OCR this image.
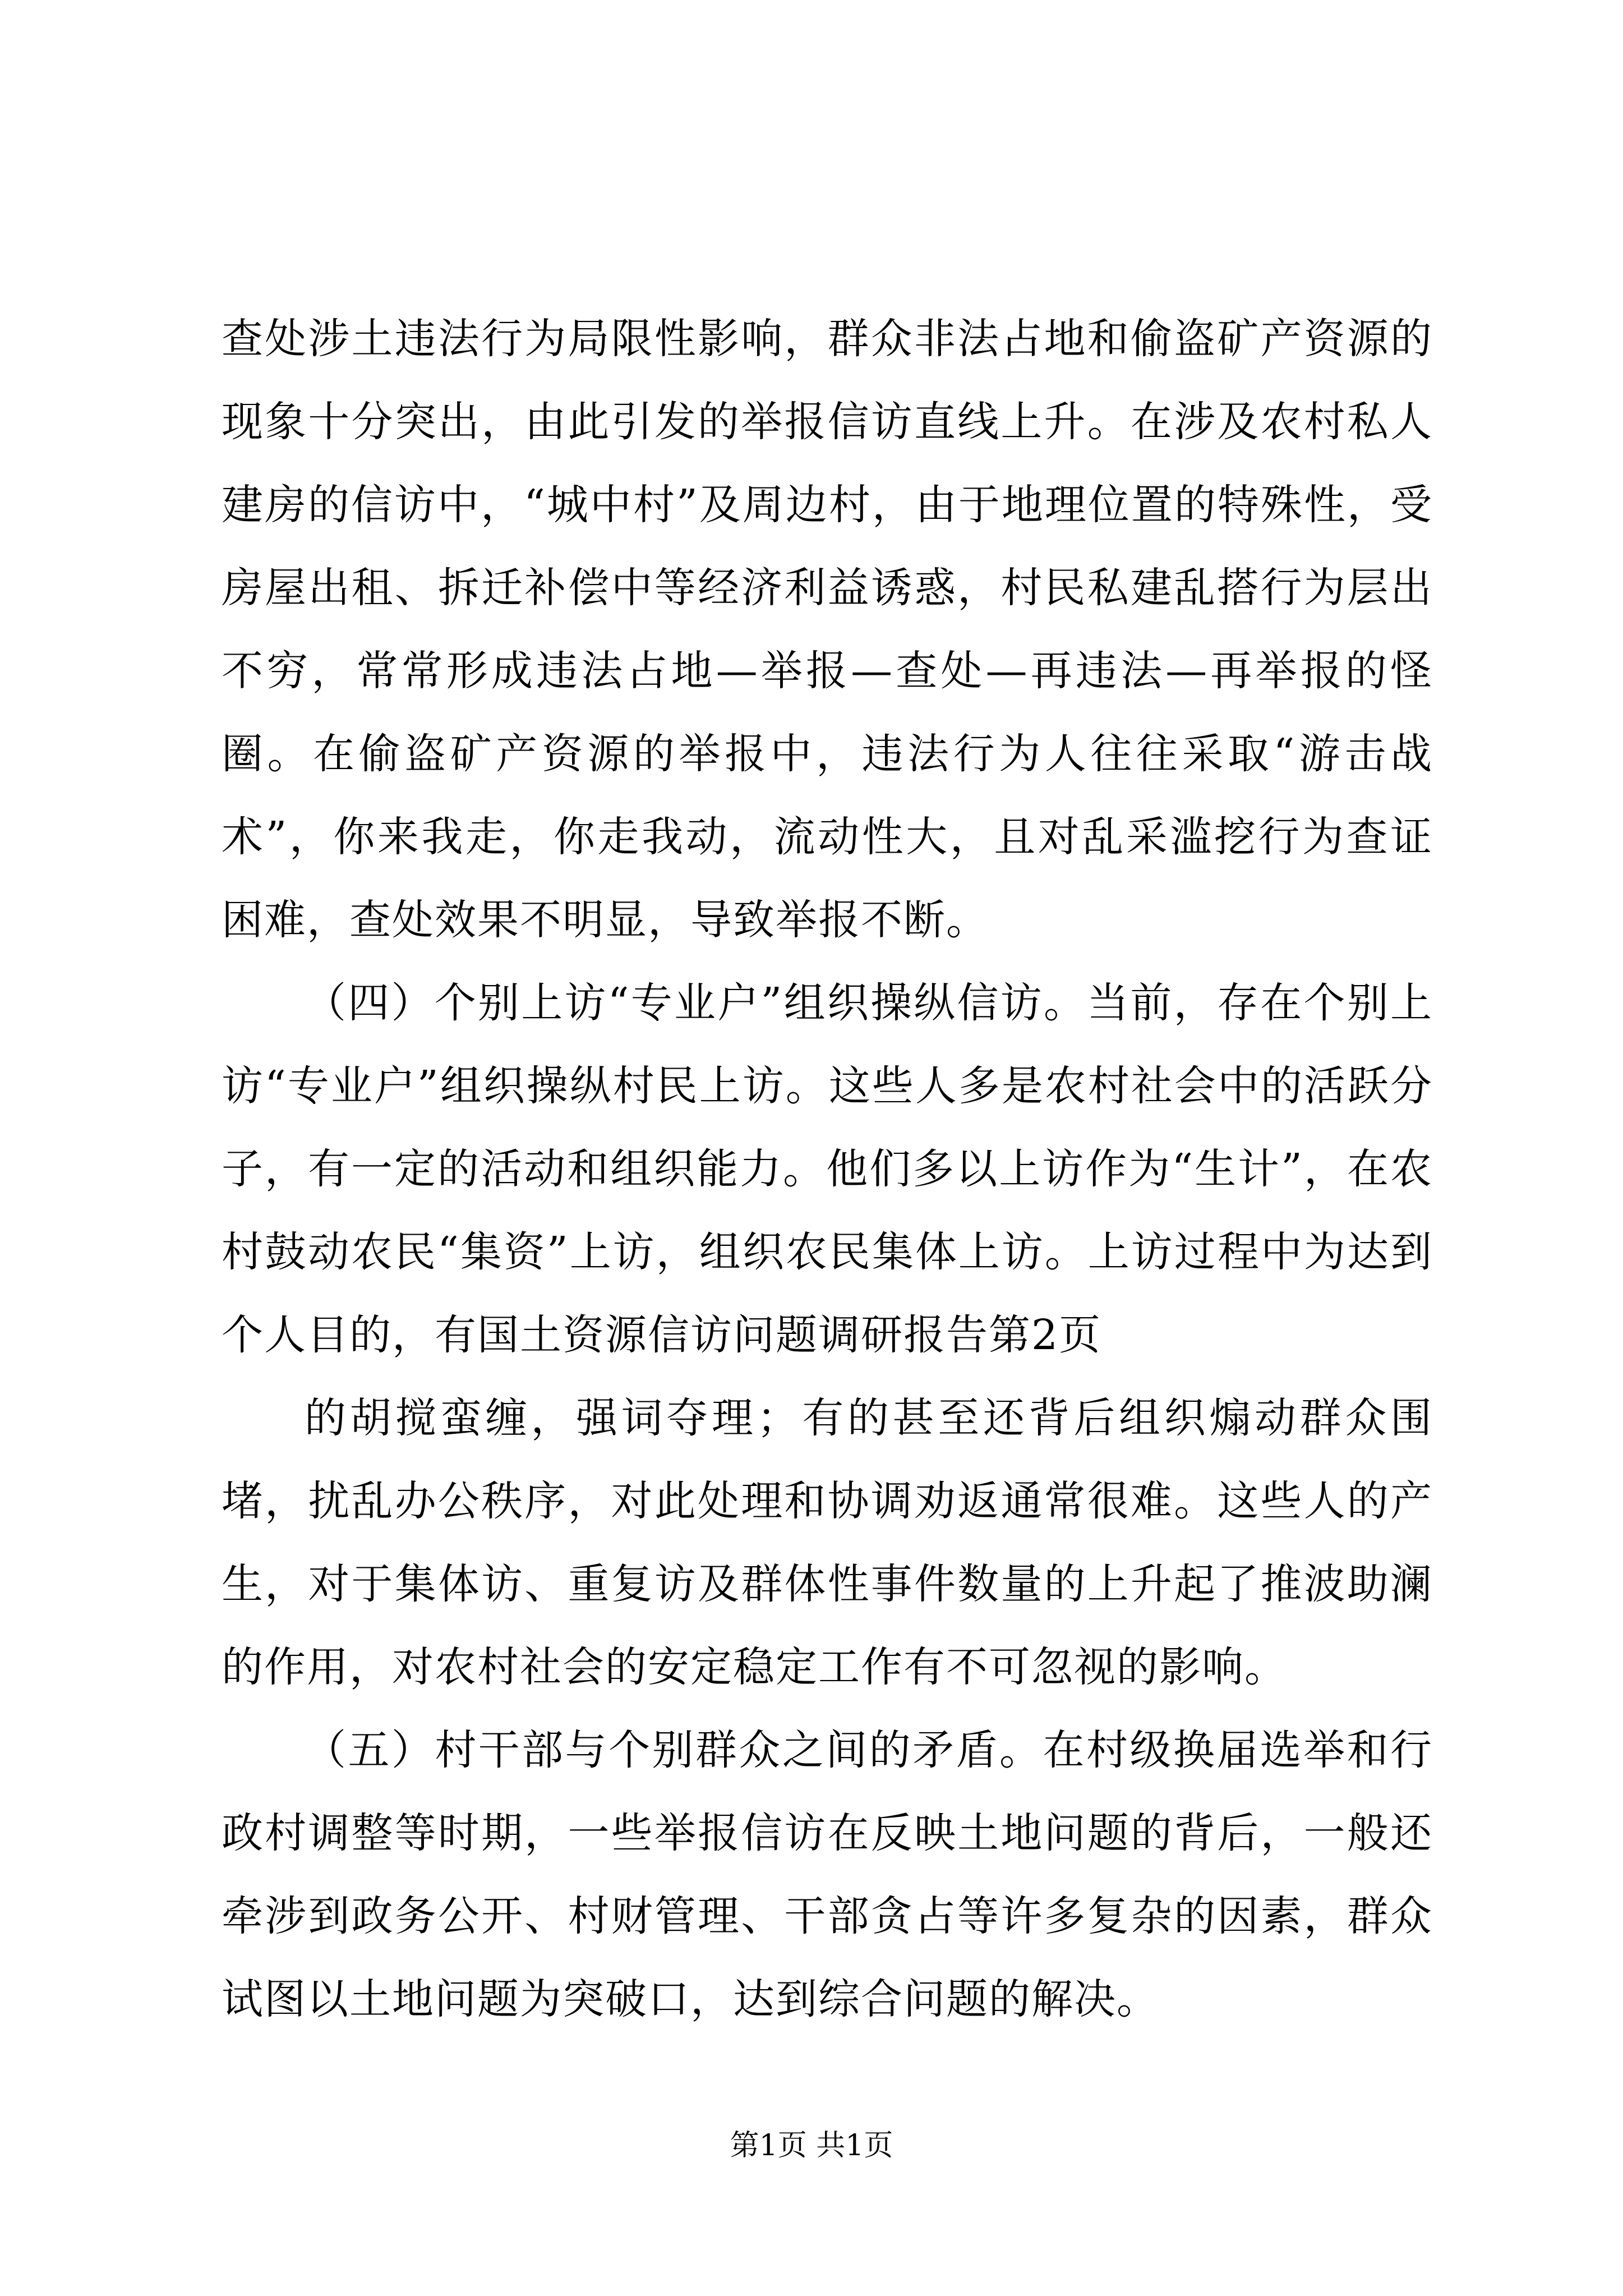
查处涉土违法行为局限性影响，群众非法占地和偷盗矿产资源的现象十分突出，由此引发的举报信访直线上升。在涉及农村私人建房的信访中，“城中村”及周边村，由于地理位置的特殊性，受房屋出租、拆迁补偿中等经济利益诱惑，村民私建乱搭行为层出不穷，常常形成违法占地—举报—查处—再违法—再举报的怪圈。在偷盗矿产资源的举报中，违法行为人往往采取“游击战术”，你来我走，你走我动，流动性大，且对乱采滥挖行为查证困难，查处效果不明显，导致举报不断。

（四）个别上访“专业户”组织操纵信访。当前，存在个别上访“专业户”组织操纵村民上访。这些人多是农村社会中的活跃分子，有一定的活动和组织能力。他们多以上访作为“生计”，在农村鼓动农民“集资”上访，组织农民集体上访。上访过程中为达到个人目的，有国土资源信访问题调研报告第2页

的胡搅蛮缠，强词夺理；有的甚至还背后组织煽动群众围堵，扰乱办公秩序，对此处理和协调劝返通常很难。这些人的产生，对于集体访、重复访及群体性事件数量的上升起了推波助澜的作用，对农村社会的安定稳定工作有不可忽视的影响。

（五）村干部与个别群众之间的矛盾。在村级换届选举和行政村调整等时期，一些举报信访在反映土地问题的背后，一般还牵涉到政务公开、村财管理、干部贪占等许多复杂的因素，群众试图以土地问题为突破口，达到综合问题的解决。

第1页 共1页
